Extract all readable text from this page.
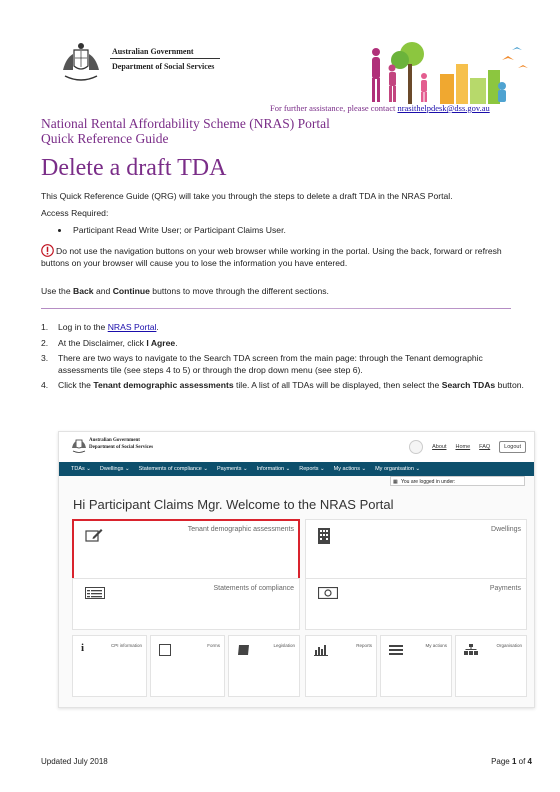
Australian Government
Department of Social Services
For further assistance, please contact nrasithelpdesk@dss.gov.au
National Rental Affordability Scheme (NRAS) Portal
Quick Reference Guide
Delete a draft TDA
This Quick Reference Guide (QRG) will take you through the steps to delete a draft TDA in the NRAS Portal.
Access Required:
Participant Read Write User; or Participant Claims User.
Do not use the navigation buttons on your web browser while working in the portal. Using the back, forward or refresh buttons on your browser will cause you to lose the information you have entered.
Use the Back and Continue buttons to move through the different sections.
1. Log in to the NRAS Portal.
2. At the Disclaimer, click I Agree.
3. There are two ways to navigate to the Search TDA screen from the main page: through the Tenant demographic assessments tile (see steps 4 to 5) or through the drop down menu (see step 6).
4. Click the Tenant demographic assessments tile. A list of all TDAs will be displayed, then select the Search TDAs button.
Australian Government
Department of Social Services	About Home FAQ	Logout
TDAs ⌄ Dwellings ⌄ Statements of compliance ⌄ Payments ⌄ Information ⌄ Reports ⌄ My actions ⌄ My organisation ⌄
▦ You are logged in under:
Hi Participant Claims Mgr. Welcome to the NRAS Portal
Tenant demographic assessments	Dwellings
Statements of compliance	Payments
i	CPI information	Forms	Legislation	Reports	My actions	Organisation
Updated July 2018	Page 1 of 4
